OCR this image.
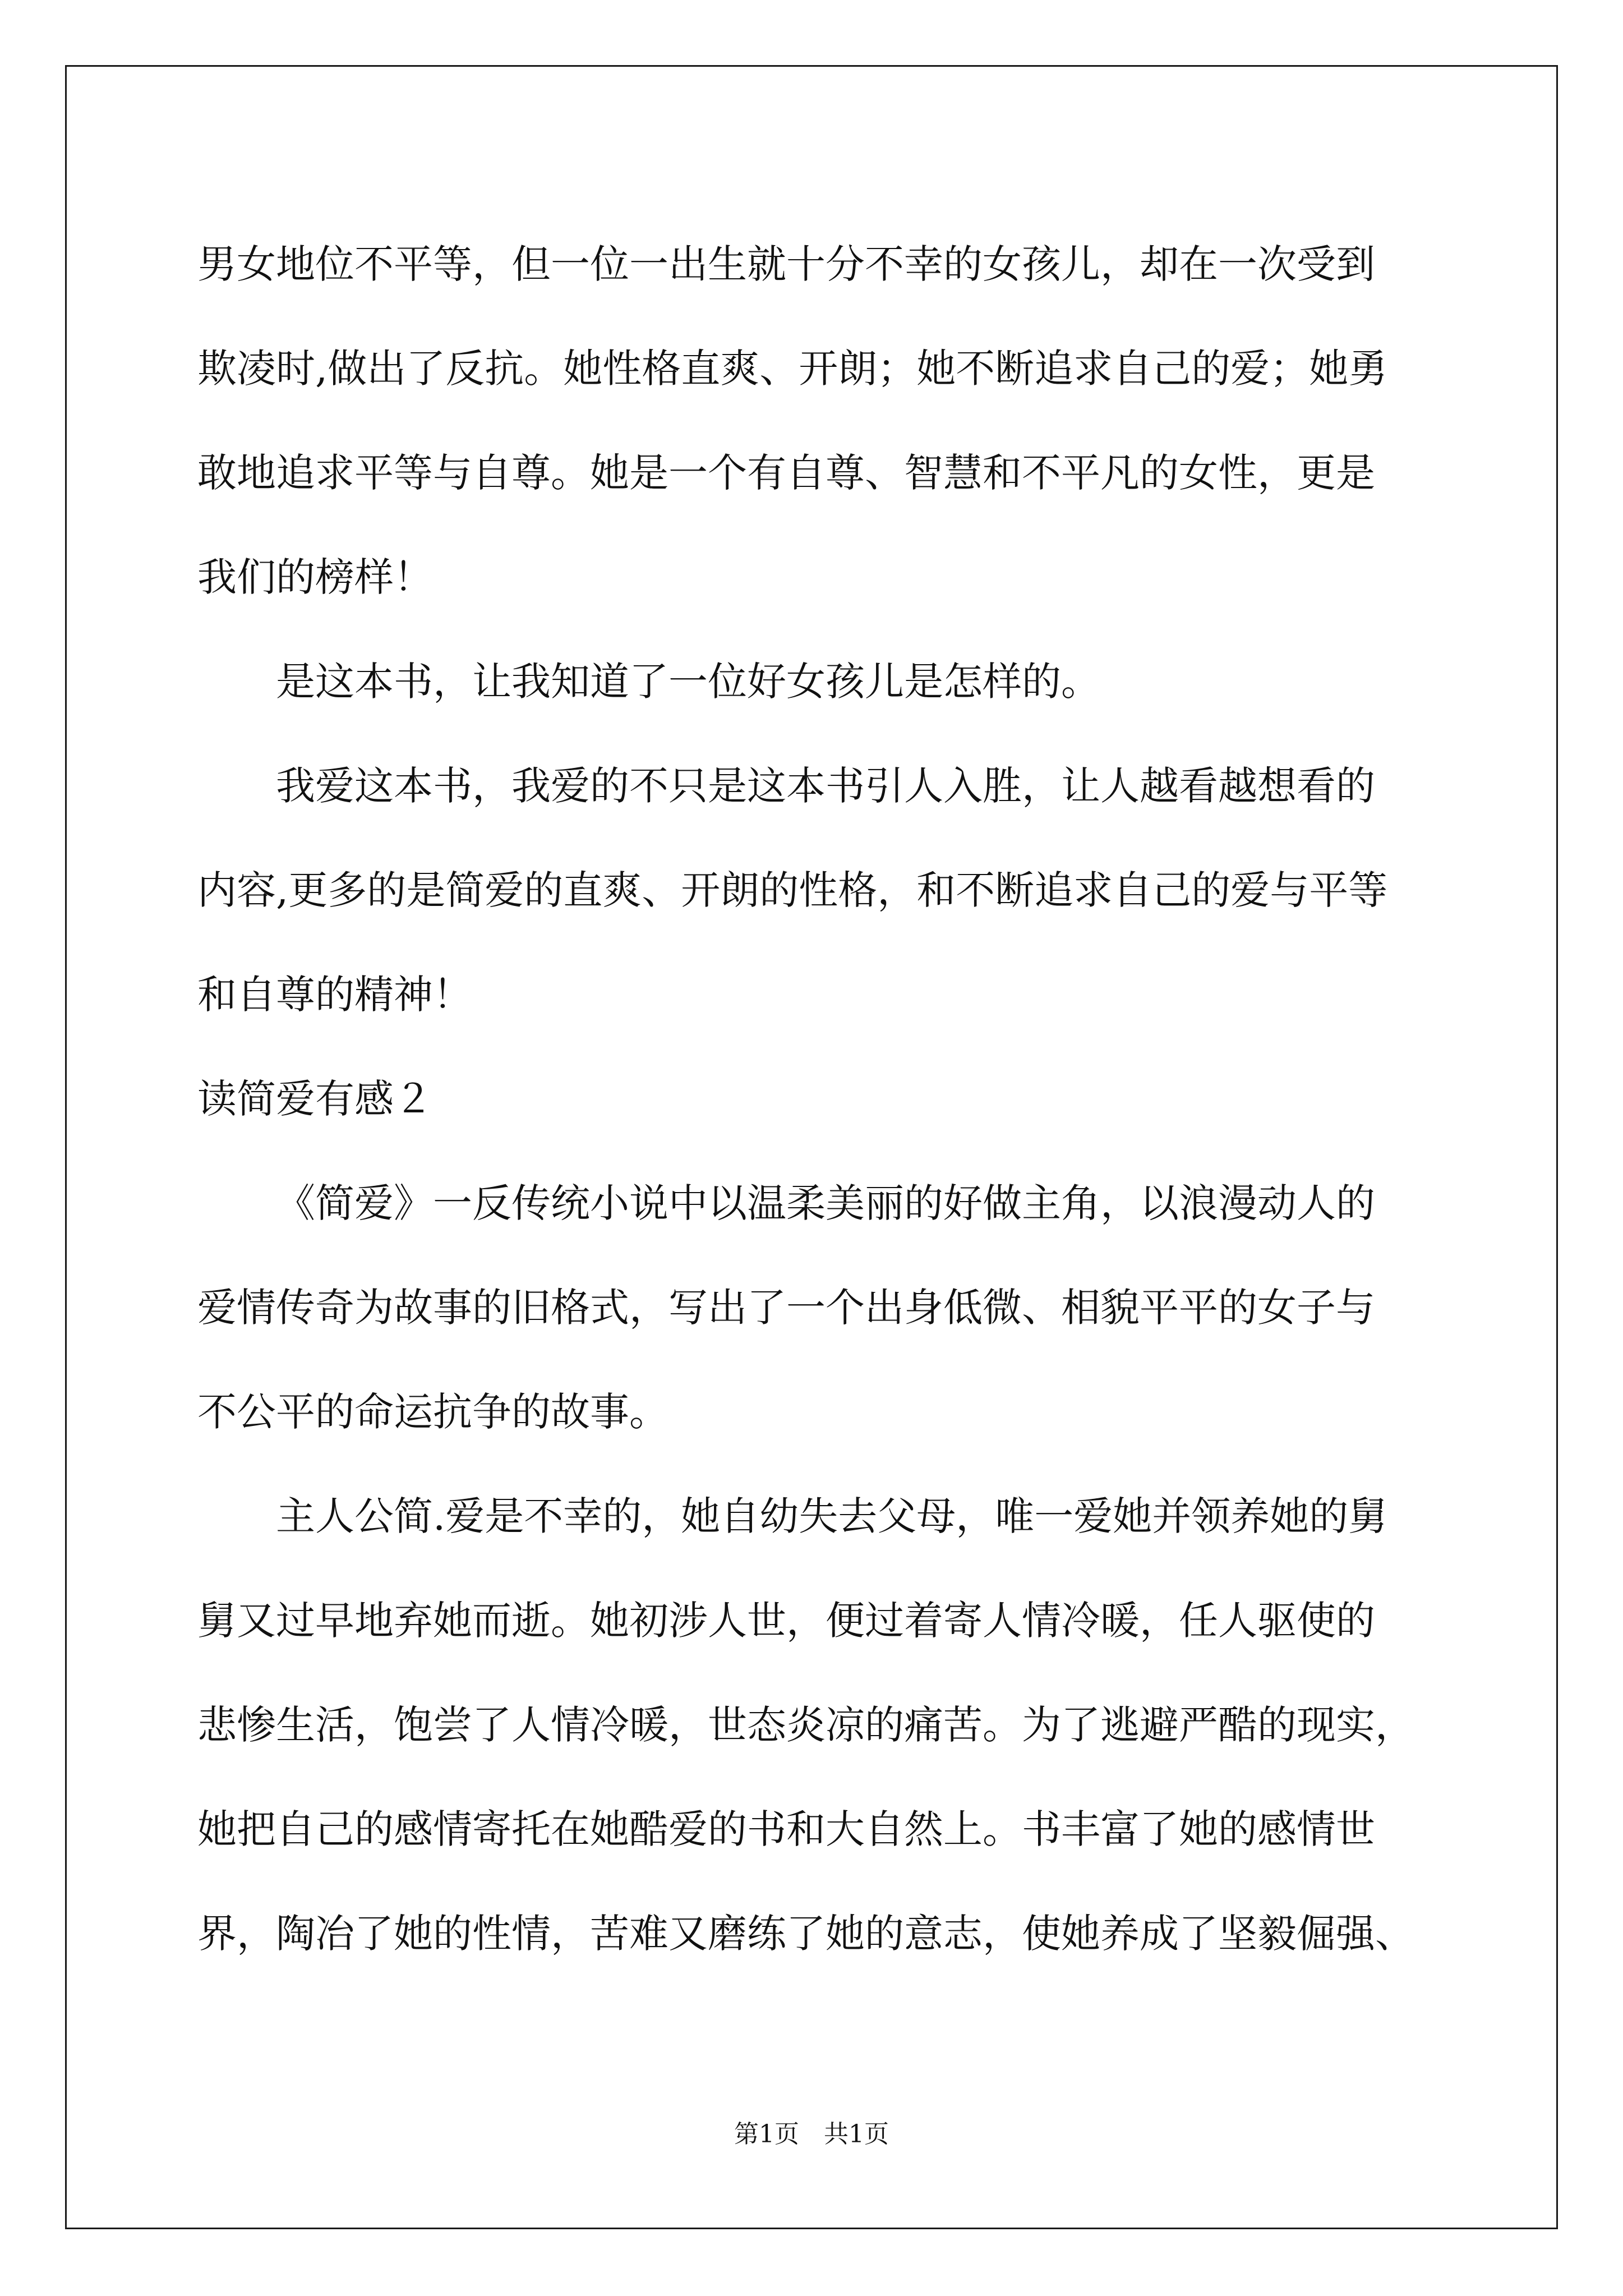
男女地位不平等，但一位一出生就十分不幸的女孩儿，却在一次受到
欺凌时,做出了反抗。她性格直爽、开朗；她不断追求自己的爱；她勇
敢地追求平等与自尊。她是一个有自尊、智慧和不平凡的女性，更是
我们的榜样！
是这本书，让我知道了一位好女孩儿是怎样的。
我爱这本书，我爱的不只是这本书引人入胜，让人越看越想看的
内容,更多的是简爱的直爽、开朗的性格，和不断追求自己的爱与平等
和自尊的精神！
读简爱有感２
《简爱》一反传统小说中以温柔美丽的好做主角，以浪漫动人的
爱情传奇为故事的旧格式，写出了一个出身低微、相貌平平的女子与
不公平的命运抗争的故事。
主人公简.爱是不幸的，她自幼失去父母，唯一爱她并领养她的舅
舅又过早地弃她而逝。她初涉人世，便过着寄人情冷暖，任人驱使的
悲惨生活，饱尝了人情冷暖，世态炎凉的痛苦。为了逃避严酷的现实，
她把自己的感情寄托在她酷爱的书和大自然上。书丰富了她的感情世
界，陶冶了她的性情，苦难又磨练了她的意志，使她养成了坚毅倔强、
第1页　共1页
